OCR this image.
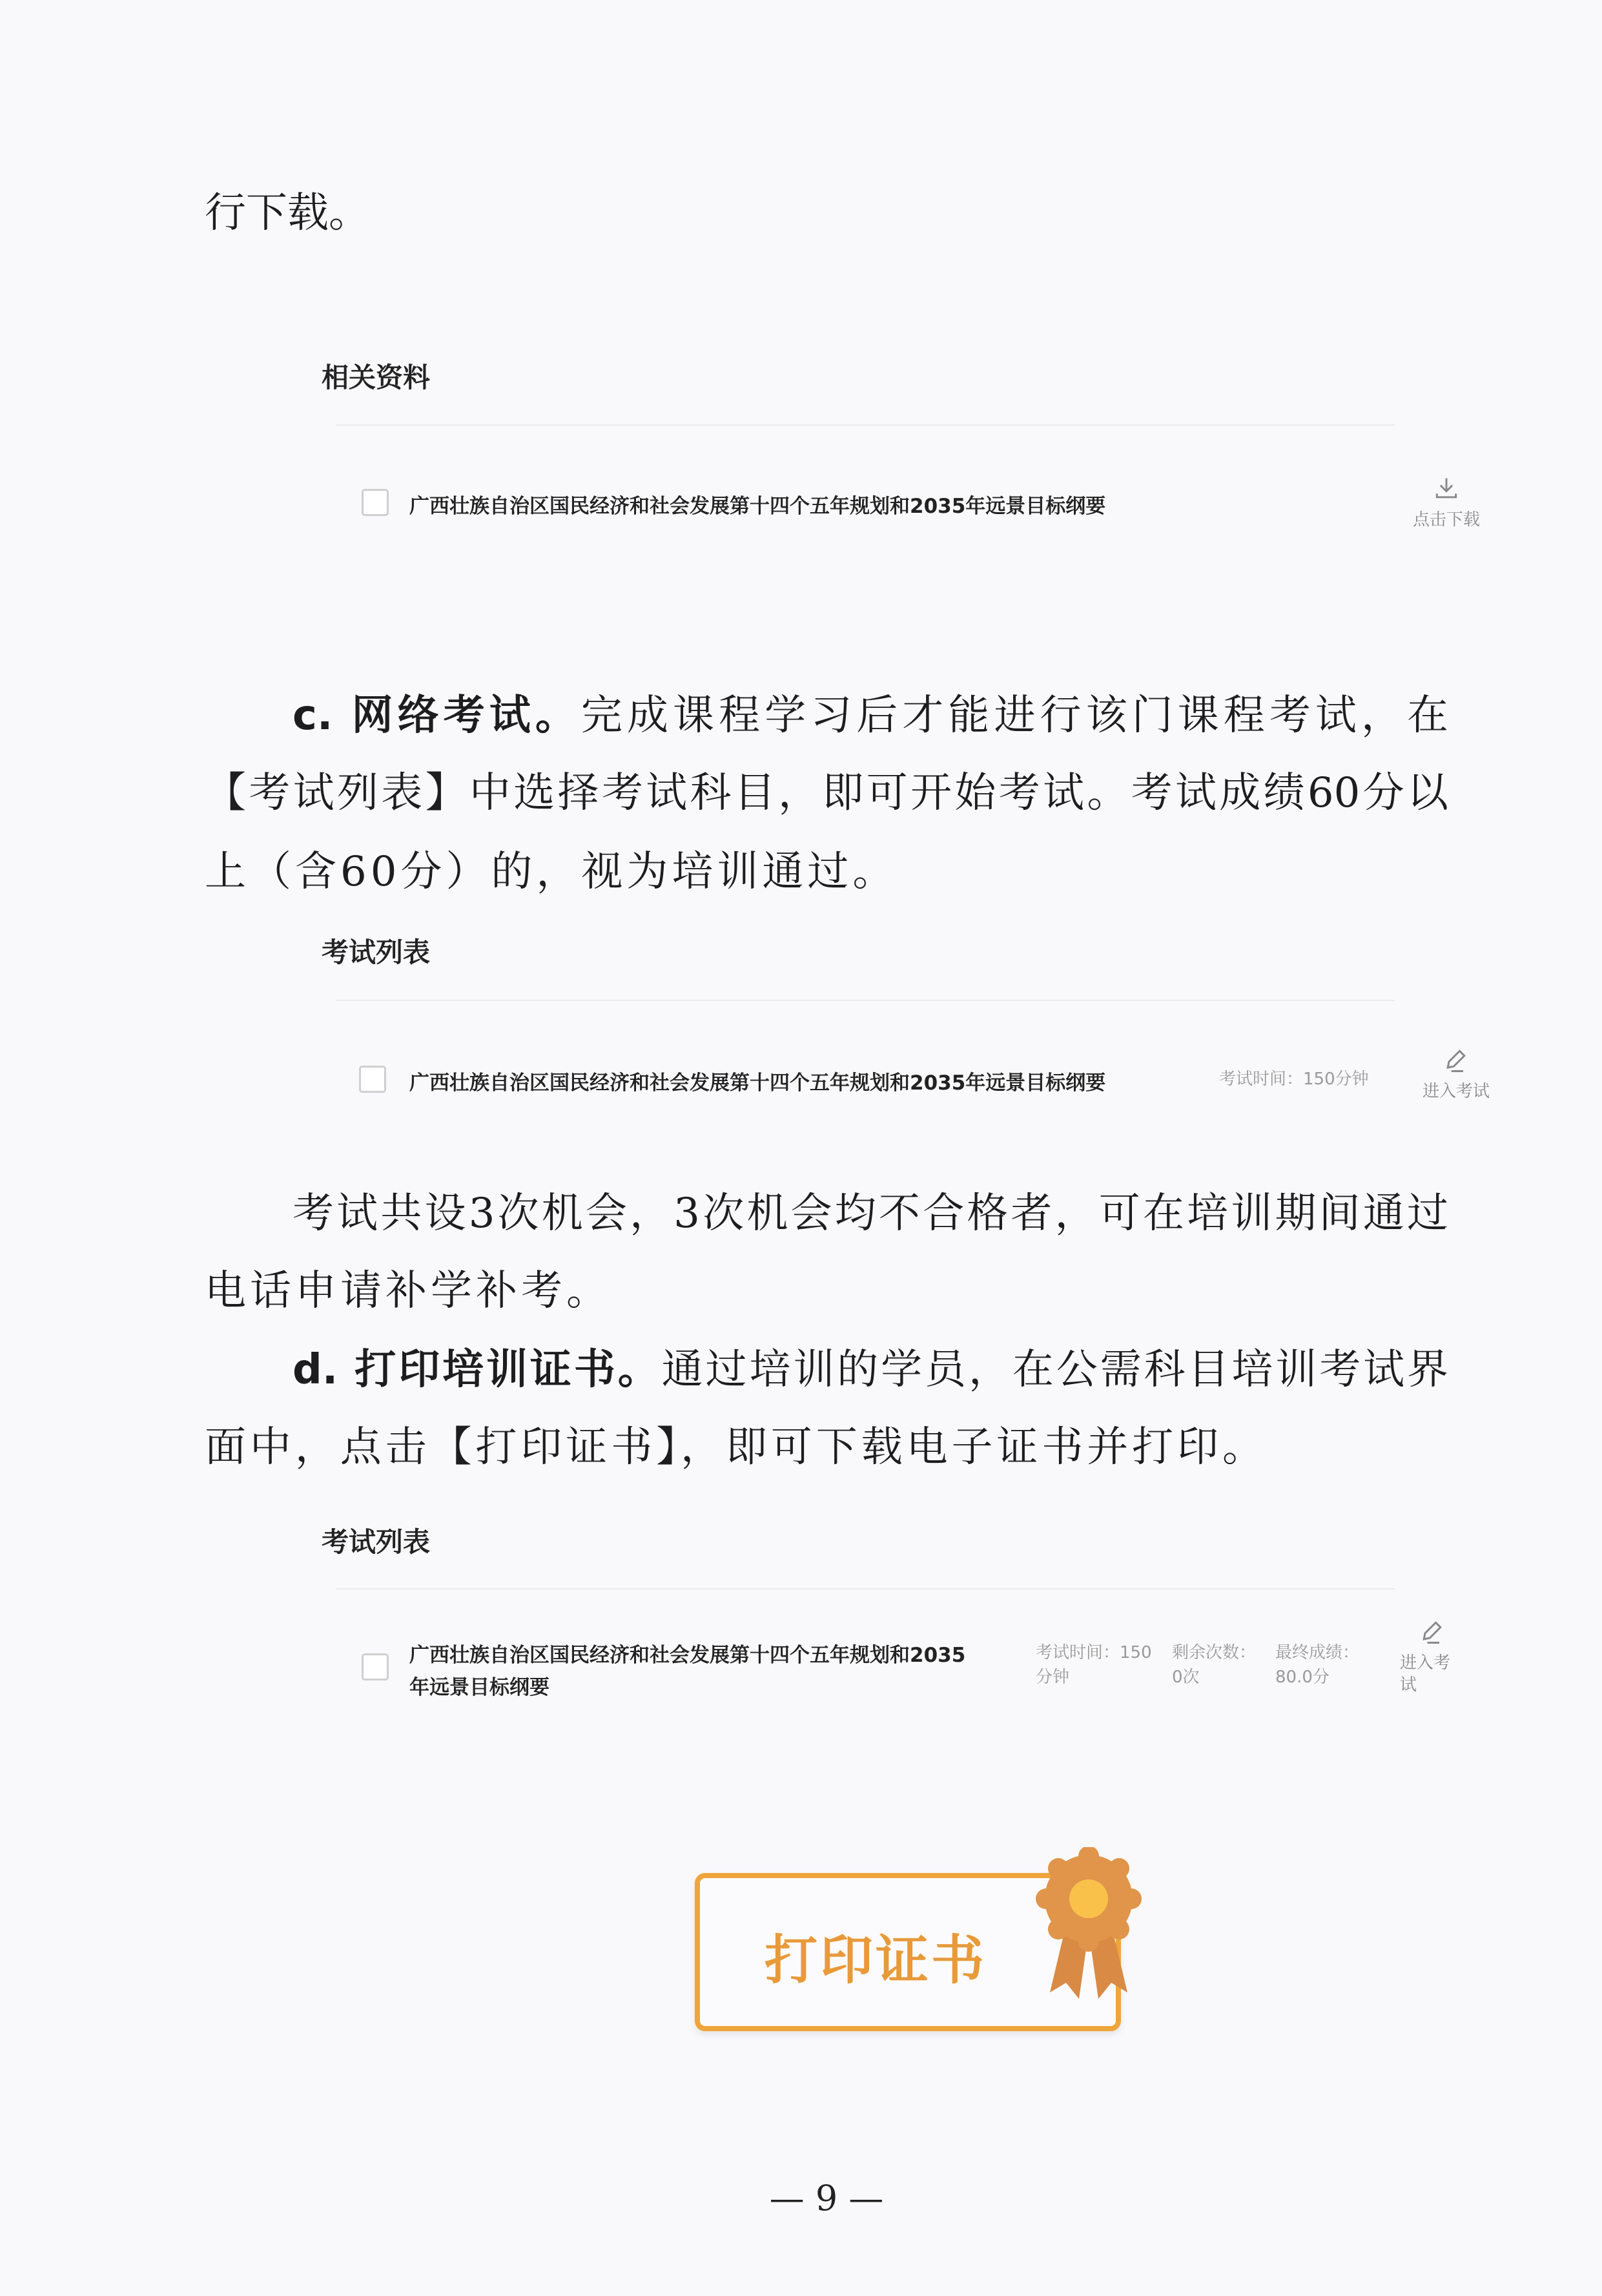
行下载。
相关资料
广西壮族自治区国民经济和社会发展第十四个五年规划和2035年远景目标纲要
点击下载
c. 网络考试。完成课程学习后才能进行该门课程考试，在
【考试列表】中选择考试科目，即可开始考试。考试成绩60分以
上（含60分）的，视为培训通过。
考试列表
广西壮族自治区国民经济和社会发展第十四个五年规划和2035年远景目标纲要	考试时间：150分钟
进入考试
考试共设3次机会，3次机会均不合格者，可在培训期间通过
电话申请补学补考。
d. 打印培训证书。通过培训的学员，在公需科目培训考试界
面中，点击【打印证书】，即可下载电子证书并打印。
考试列表
广西壮族自治区国民经济和社会发展第十四个五年规划和2035
年远景目标纲要
考试时间：150
分钟
剩余次数：
0次
最终成绩：
80.0分
进入考
试
打印证书
— 9 —
